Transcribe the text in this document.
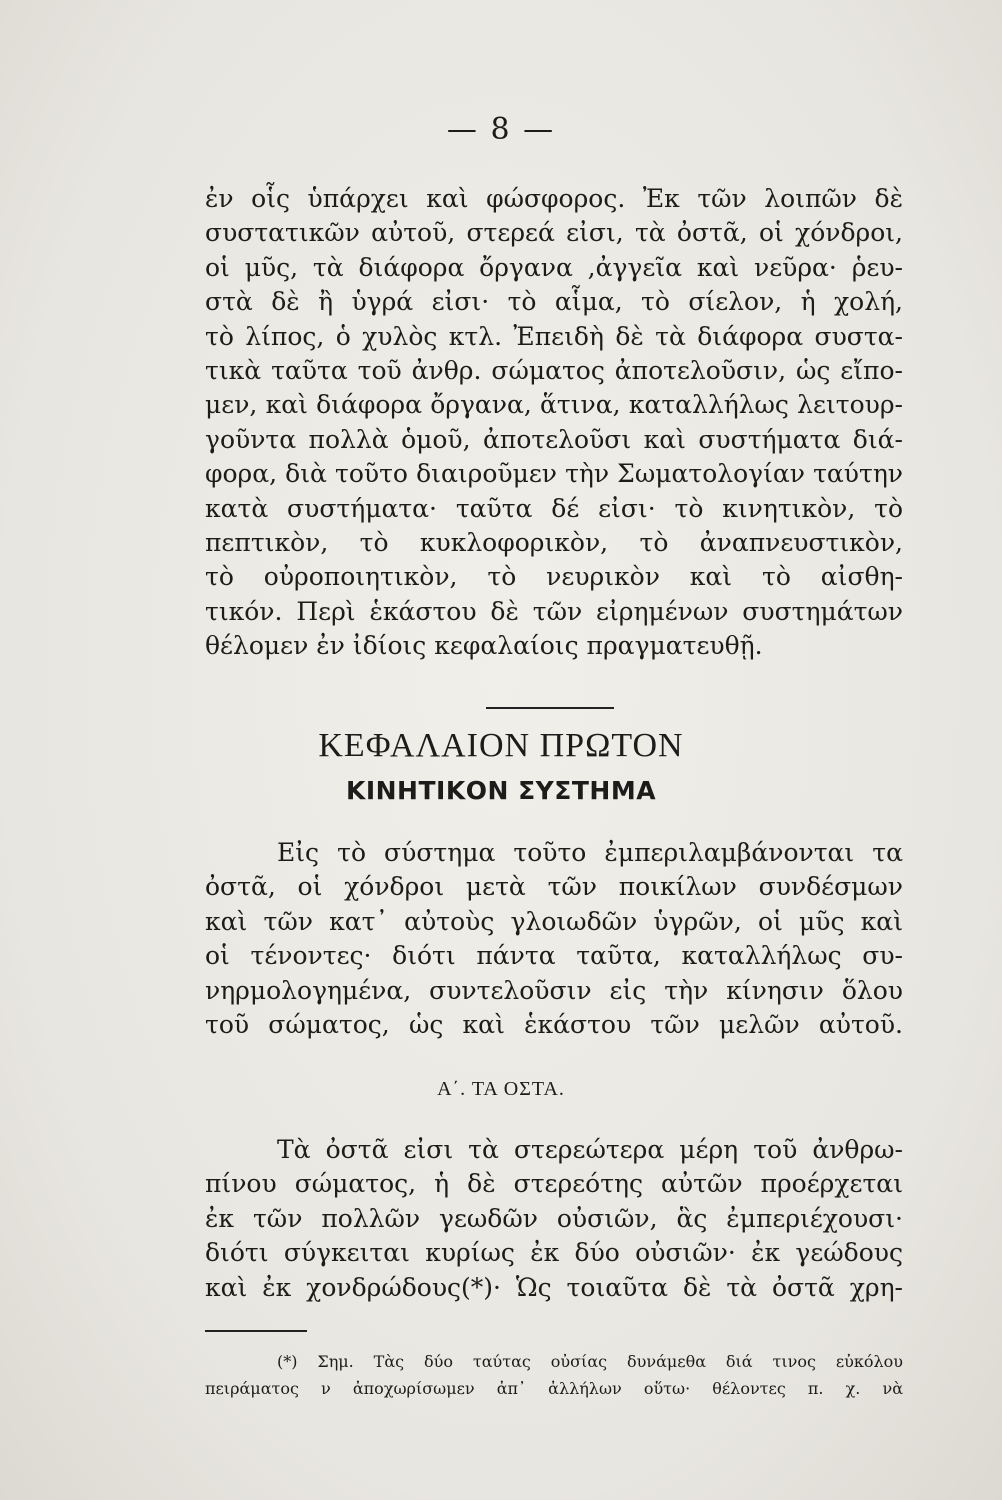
— 8 —

ἐν οἷς ὑπάρχει καὶ φώσφορος. Ἐκ τῶν λοιπῶν δὲ
συστατικῶν αὐτοῦ, στερεά εἰσι, τὰ ὀστᾶ, οἱ χόνδροι,
οἱ μῦς, τὰ διάφορα ὄργανα ,ἀγγεῖα καὶ νεῦρα· ῥευ-
στὰ δὲ ἢ ὑγρά εἰσι· τὸ αἷμα, τὸ σίελον, ἡ χολή,
τὸ λίπος, ὁ χυλὸς κτλ. Ἐπειδὴ δὲ τὰ διάφορα συστα-
τικὰ ταῦτα τοῦ ἀνθρ. σώματος ἀποτελοῦσιν, ὡς εἴπο-
μεν, καὶ διάφορα ὄργανα, ἅτινα, καταλλήλως λειτουρ-
γοῦντα πολλὰ ὁμοῦ, ἀποτελοῦσι καὶ συστήματα διά-
φορα, διὰ τοῦτο διαιροῦμεν τὴν Σωματολογίαν ταύτην
κατὰ συστήματα· ταῦτα δέ εἰσι· τὸ κινητικὸν, τὸ
πεπτικὸν, τὸ κυκλοφορικὸν, τὸ ἀναπνευστικὸν,
τὸ οὐροποιητικὸν, τὸ νευρικὸν καὶ τὸ αἰσθη-
τικόν. Περὶ ἑκάστου δὲ τῶν εἰρημένων συστημάτων
θέλομεν ἐν ἰδίοις κεφαλαίοις πραγματευθῇ.

ΚΕΦΑΛΑΙΟΝ ΠΡΩΤΟΝ
ΚΙΝΗΤΙΚΟΝ ΣΥΣΤΗΜΑ

Εἰς τὸ σύστημα τοῦτο ἐμπεριλαμβάνονται τα
ὀστᾶ, οἱ χόνδροι μετὰ τῶν ποικίλων συνδέσμων
καὶ τῶν κατ᾽ αὐτοὺς γλοιωδῶν ὑγρῶν, οἱ μῦς καὶ
οἱ τένοντες· διότι πάντα ταῦτα, καταλλήλως συ-
νηρμολογημένα, συντελοῦσιν εἰς τὴν κίνησιν ὅλου
τοῦ σώματος, ὡς καὶ ἑκάστου τῶν μελῶν αὐτοῦ.

Α΄. ΤΑ ΟΣΤΑ.

Τὰ ὀστᾶ εἰσι τὰ στερεώτερα μέρη τοῦ ἀνθρω-
πίνου σώματος, ἡ δὲ στερεότης αὐτῶν προέρχεται
ἐκ τῶν πολλῶν γεωδῶν οὐσιῶν, ἃς ἐμπεριέχουσι·
διότι σύγκειται κυρίως ἐκ δύο οὐσιῶν· ἐκ γεώδους
καὶ ἐκ χονδρώδους(*)· Ὡς τοιαῦτα δὲ τὰ ὀστᾶ χρη-

(*) Σημ. Τὰς δύο ταύτας οὐσίας δυνάμεθα διά τινος εὐκόλου
πειράματος ν ἀποχωρίσωμεν ἀπ᾽ ἀλλήλων οὕτω· θέλοντες π. χ. νὰ
